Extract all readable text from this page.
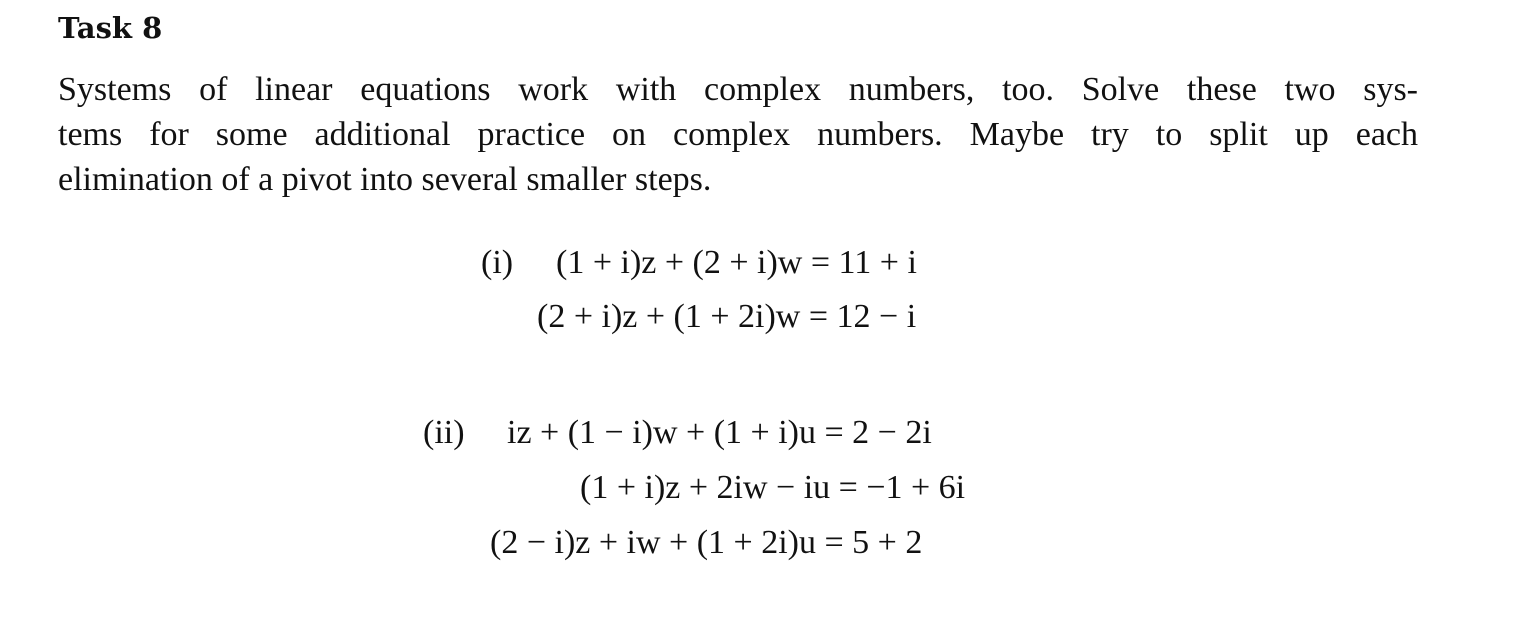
Task 8
Systems of linear equations work with complex numbers, too. Solve these two sys-
tems for some additional practice on complex numbers. Maybe try to split up each
elimination of a pivot into several smaller steps.
(i) (1 + i)z + (2 + i)w = 11 + i
(2 + i)z + (1 + 2i)w = 12 − i
(ii) iz + (1 − i)w + (1 + i)u = 2 − 2i
(1 + i)z + 2iw − iu = −1 + 6i
(2 − i)z + iw + (1 + 2i)u = 5 + 2
